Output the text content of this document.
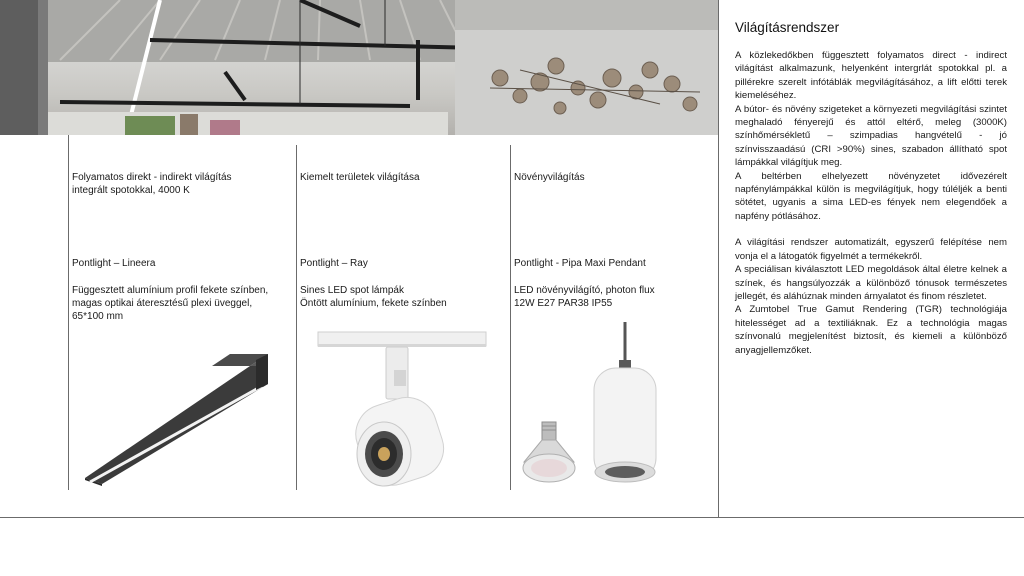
Folyamatos direkt - indirekt világítás

integrált spotokkal, 4000 K

Pontlight – Lineera

Függesztett alumínium profil fekete színben,

magas optikai áteresztésű plexi üveggel,

65*100 mm

Kiemelt területek világítása

Pontlight – Ray

Sines LED spot lámpák

Öntött alumínium, fekete színben

Növényvilágítás

Pontlight - Pipa Maxi Pendant

LED növényvilágító, photon flux

12W E27 PAR38 IP55

Világításrendszer

A közlekedőkben függesztett folyamatos direct - indirect világítást alkalmazunk, helyenként intergrlát spotokkal pl. a pillérekre szerelt infótáblák megvilágításához, a lift előtti terek kiemeléséhez.

A bútor- és növény szigeteket a környezeti megvilágítási szintet meghaladó fényerejű és attól eltérő, meleg (3000K) színhőmérsékletű – szimpadias hangvételű - jó színvisszaadású (CRI >90%) sines, szabadon állítható spot lámpákkal világítjuk meg.

A beltérben elhelyezett növényzetet idővezérelt napfénylámpákkal külön is megvilágítjuk, hogy túléljék a benti sötétet, ugyanis a sima LED-es fények nem elegendőek a napfény pótlásához.

A világítási rendszer automatizált, egyszerű felépítése nem vonja el a látogatók figyelmét a termékekről.

A speciálisan kiválasztott LED megoldások által életre kelnek a színek, és hangsúlyozzák a különböző tónusok természetes jellegét, és aláhúznak minden árnyalatot és finom részletet.

A Zumtobel True Gamut Rendering (TGR) technológiája hitelességet ad a textiliáknak. Ez a technológia magas színvonalú megjelenítést biztosít, és kiemeli a különböző anyagjellemzőket.
